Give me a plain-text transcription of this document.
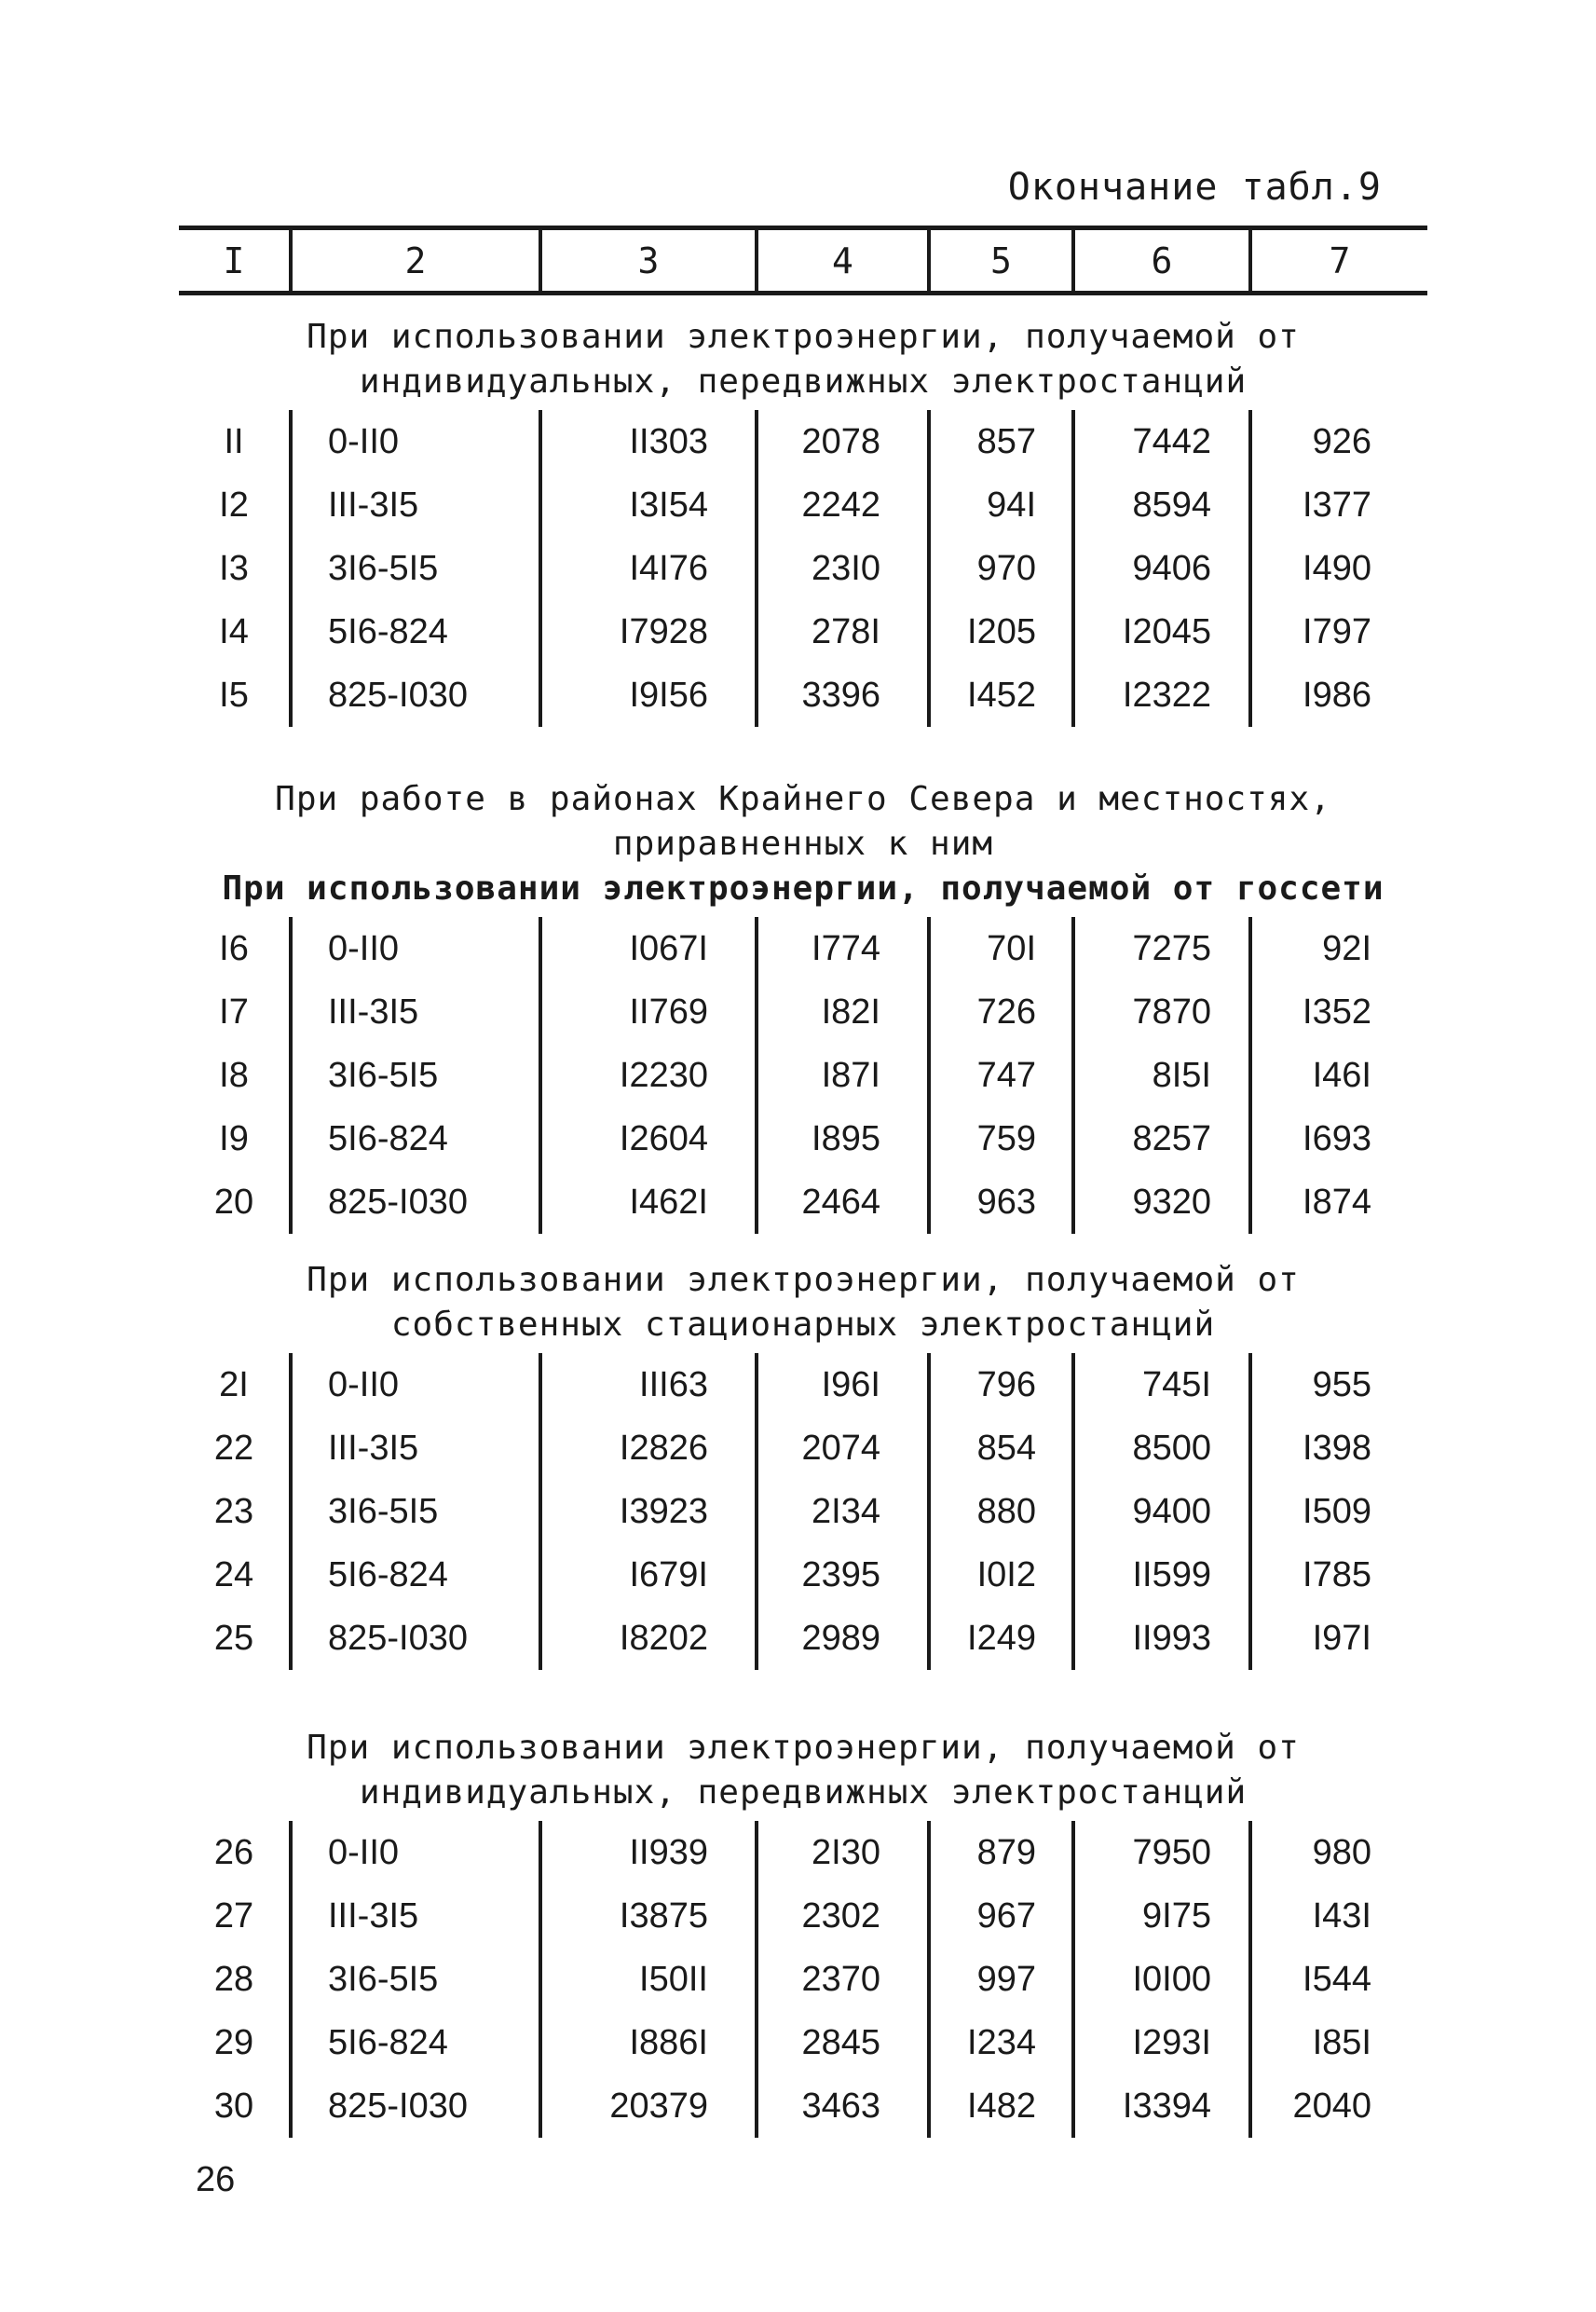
Окончание табл.9
I	2	3	4	5	6	7
При использовании электроэнергии, получаемой от
индивидуальных, передвижных электростанций
II	0-II0	II303	2078	857	7442	926
I2	III-3I5	I3I54	2242	94I	8594	I377
I3	3I6-5I5	I4I76	23I0	970	9406	I490
I4	5I6-824	I7928	278I	I205	I2045	I797
I5	825-I030	I9I56	3396	I452	I2322	I986
При работе в районах Крайнего Севера и местностях,
приравненных к ним
При использовании электроэнергии, получаемой от госсети
I6	0-II0	I067I	I774	70I	7275	92I
I7	III-3I5	II769	I82I	726	7870	I352
I8	3I6-5I5	I2230	I87I	747	8I5I	I46I
I9	5I6-824	I2604	I895	759	8257	I693
20	825-I030	I462I	2464	963	9320	I874
При использовании электроэнергии, получаемой от
собственных стационарных электростанций
2I	0-II0	III63	I96I	796	745I	955
22	III-3I5	I2826	2074	854	8500	I398
23	3I6-5I5	I3923	2I34	880	9400	I509
24	5I6-824	I679I	2395	I0I2	II599	I785
25	825-I030	I8202	2989	I249	II993	I97I
При использовании электроэнергии, получаемой от
индивидуальных, передвижных электростанций
26	0-II0	II939	2I30	879	7950	980
27	III-3I5	I3875	2302	967	9I75	I43I
28	3I6-5I5	I50II	2370	997	I0I00	I544
29	5I6-824	I886I	2845	I234	I293I	I85I
30	825-I030	20379	3463	I482	I3394	2040
26
